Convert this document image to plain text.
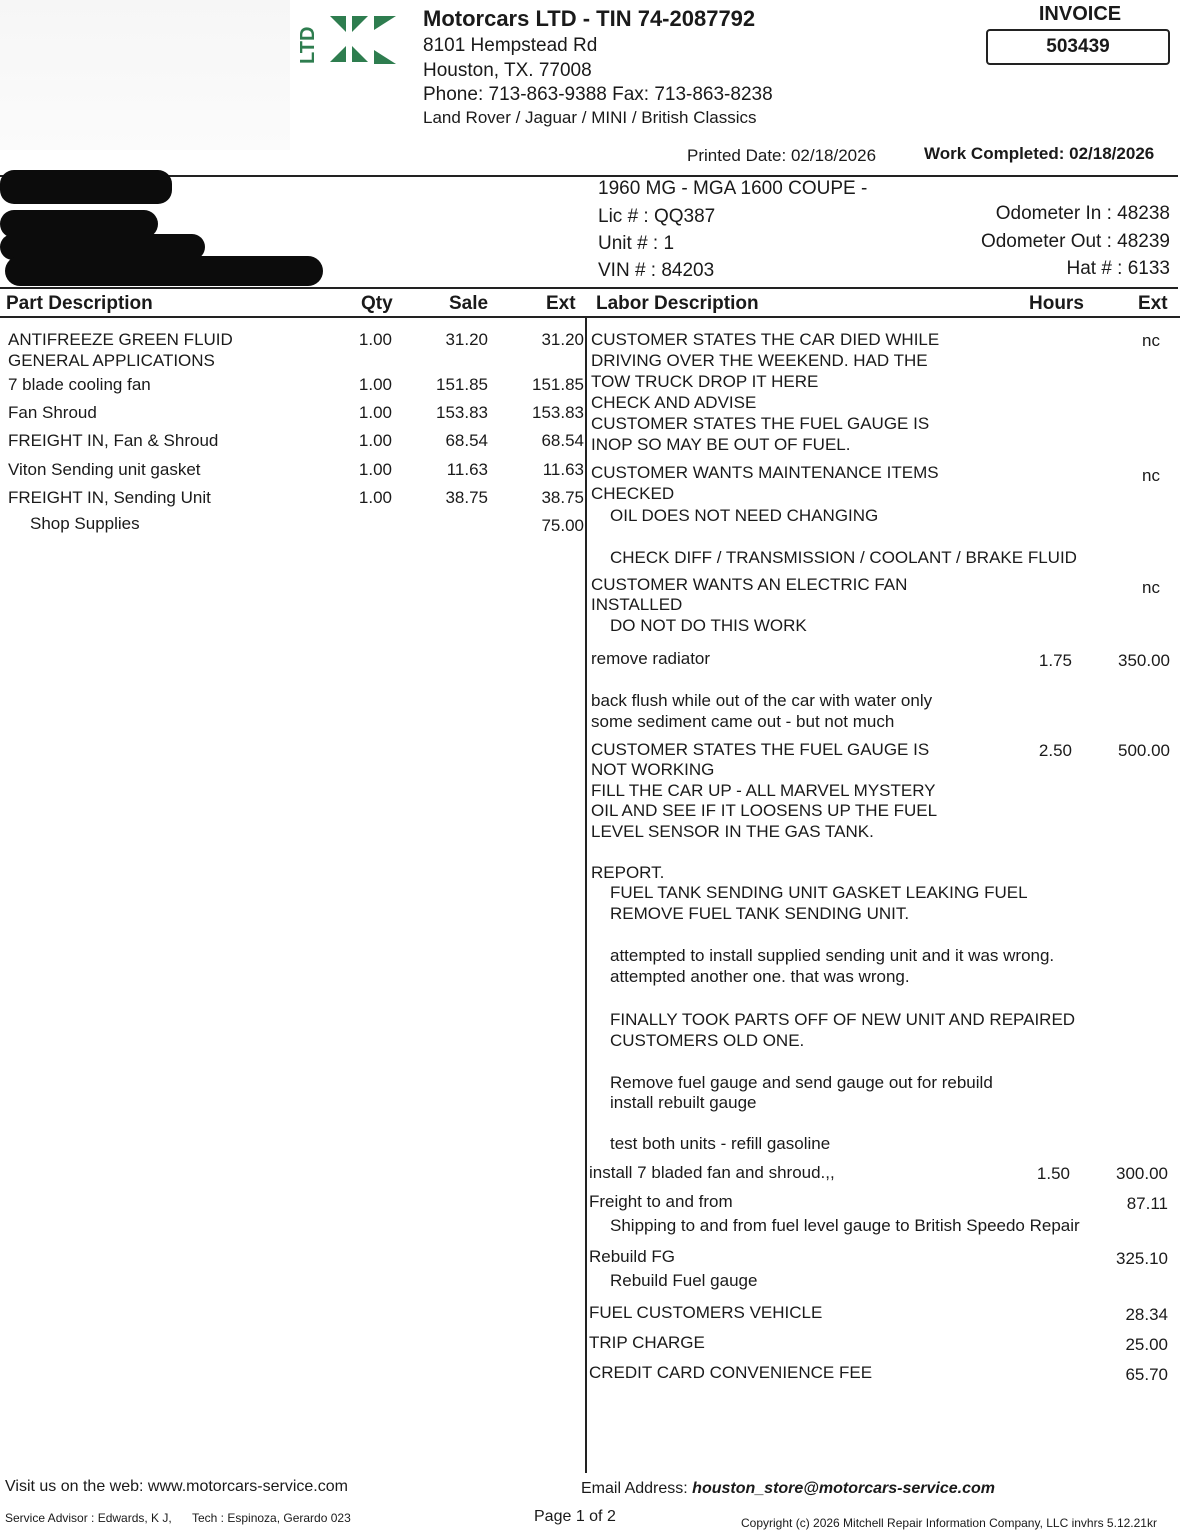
LTD
Motorcars LTD - TIN 74-2087792
8101 Hempstead Rd
Houston, TX. 77008
Phone: 713-863-9388 Fax: 713-863-8238
Land Rover / Jaguar / MINI / British Classics
INVOICE
503439
Printed Date: 02/18/2026	Work Completed: 02/18/2026
1960 MG - MGA 1600 COUPE -
Lic # : QQ387
Unit # : 1
VIN # : 84203
Odometer In : 48238
Odometer Out : 48239
Hat # : 6133
Part Description	Qty	Sale	Ext Labor Description	Hours	Ext
ANTIFREEZE GREEN FLUID
GENERAL APPLICATIONS
1.00	31.20	31.20
7 blade cooling fan	1.00	151.85	151.85
Fan Shroud	1.00	153.83	153.83
FREIGHT IN, Fan & Shroud	1.00	68.54	68.54
Viton Sending unit gasket	1.00	11.63	11.63
FREIGHT IN, Sending Unit	1.00	38.75	38.75
Shop Supplies	75.00
CUSTOMER STATES THE CAR DIED WHILE	nc
DRIVING OVER THE WEEKEND. HAD THE
TOW TRUCK DROP IT HERE
CHECK AND ADVISE
CUSTOMER STATES THE FUEL GAUGE IS
INOP SO MAY BE OUT OF FUEL.
CUSTOMER WANTS MAINTENANCE ITEMS	nc
CHECKED
OIL DOES NOT NEED CHANGING
CHECK DIFF / TRANSMISSION / COOLANT / BRAKE FLUID
CUSTOMER WANTS AN ELECTRIC FAN	nc
INSTALLED
DO NOT DO THIS WORK
remove radiator	1.75	350.00
back flush while out of the car with water only
some sediment came out - but not much
CUSTOMER STATES THE FUEL GAUGE IS	2.50	500.00
NOT WORKING
FILL THE CAR UP - ALL MARVEL MYSTERY
OIL AND SEE IF IT LOOSENS UP THE FUEL
LEVEL SENSOR IN THE GAS TANK.
REPORT.
FUEL TANK SENDING UNIT GASKET LEAKING FUEL
REMOVE FUEL TANK SENDING UNIT.
attempted to install supplied sending unit and it was wrong.
attempted another one. that was wrong.
FINALLY TOOK PARTS OFF OF NEW UNIT AND REPAIRED
CUSTOMERS OLD ONE.
Remove fuel gauge and send gauge out for rebuild
install rebuilt gauge
test both units - refill gasoline
install 7 bladed fan and shroud.,,	1.50	300.00
Freight to and from	87.11
Shipping to and from fuel level gauge to British Speedo Repair
Rebuild FG	325.10
Rebuild Fuel gauge
FUEL CUSTOMERS VEHICLE	28.34
TRIP CHARGE	25.00
CREDIT CARD CONVENIENCE FEE	65.70
Visit us on the web: www.motorcars-service.com	Email Address: houston_store@motorcars-service.com
Service Advisor : Edwards, K J, Tech : Espinoza, Gerardo 023	Page 1 of 2	Copyright (c) 2026 Mitchell Repair Information Company, LLC invhrs 5.12.21kr
